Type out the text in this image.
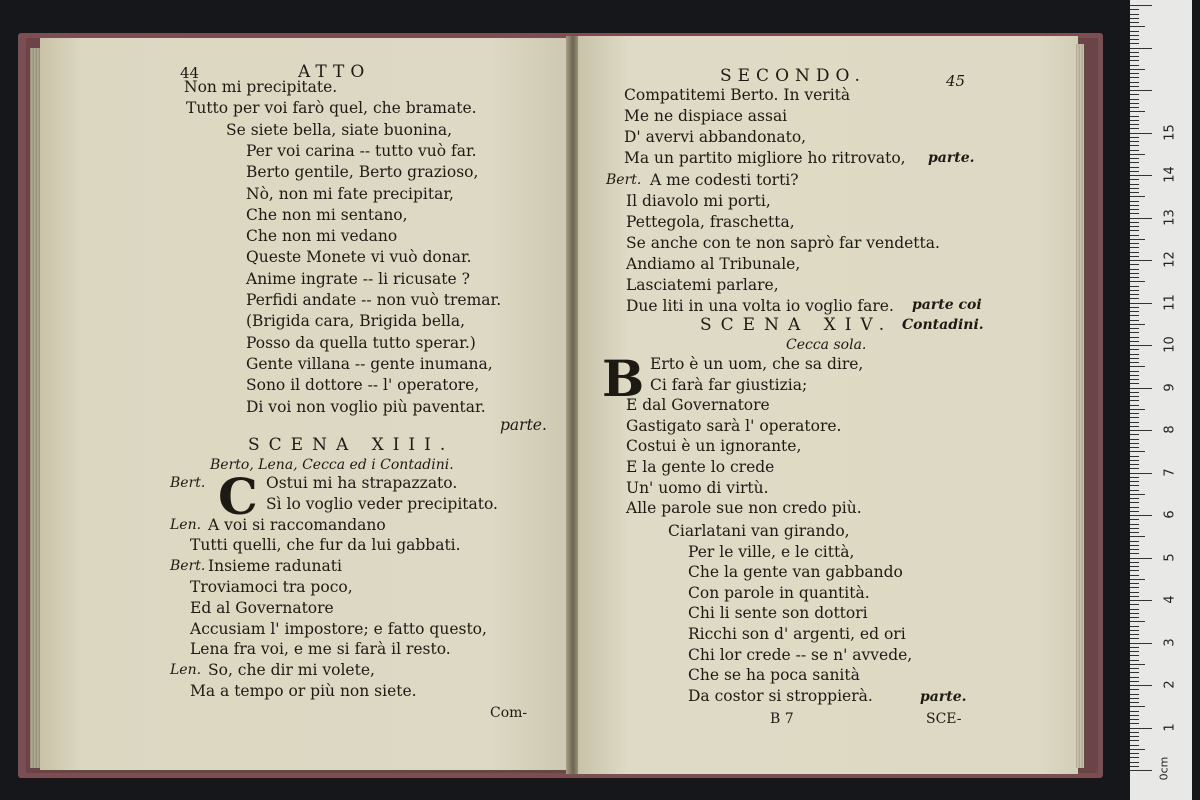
44	ATTO
Non mi precipitate.
Tutto per voi farò quel, che bramate.
Se siete bella, siate buonina,
Per voi carina -- tutto vuò far.
Berto gentile, Berto grazioso,
Nò, non mi fate precipitar,
Che non mi sentano,
Che non mi vedano
Queste Monete vi vuò donar.
Anime ingrate -- li ricusate ?
Perfidi andate -- non vuò tremar.
(Brigida cara, Brigida bella,
Posso da quella tutto sperar.)
Gente villana -- gente inumana,
Sono il dottore -- l' operatore,
Di voi non voglio più paventar.
parte.
SCENA XIII.
Berto, Lena, Cecca ed i Contadini.
C
Bert.	Ostui mi ha strapazzato.
Sì lo voglio veder precipitato.
Len. A voi si raccomandano
Tutti quelli, che fur da lui gabbati.
Bert. Insieme radunati
Troviamoci tra poco,
Ed al Governatore
Accusiam l' impostore; e fatto questo,
Lena fra voi, e me si farà il resto.
Len. So, che dir mi volete,
Ma a tempo or più non siete.
Com-
SECONDO.	45
Compatitemi Berto. In verità
Me ne dispiace assai
D' avervi abbandonato,
Ma un partito migliore ho ritrovato, parte.
Bert. A me codesti torti?
Il diavolo mi porti,
Pettegola, fraschetta,
Se anche con te non saprò far vendetta.
Andiamo al Tribunale,
Lasciatemi parlare,
Due liti in una volta io voglio fare. parte coi
SCENA XIV. Contadini.
Cecca sola.
B Erto è un uom, che sa dire,
Ci farà far giustizia;
E dal Governatore
Gastigato sarà l' operatore.
Costui è un ignorante,
E la gente lo crede
Un' uomo di virtù.
Alle parole sue non credo più.
Ciarlatani van girando,
Per le ville, e le città,
Che la gente van gabbando
Con parole in quantità.
Chi li sente son dottori
Ricchi son d' argenti, ed ori
Chi lor crede -- se n' avvede,
Che se ha poca sanità
Da costor si stroppierà.	parte.
B 7	SCE-	1
2
3
4
5
6
7
8
9
10
11
12
13
14
15
0cm
